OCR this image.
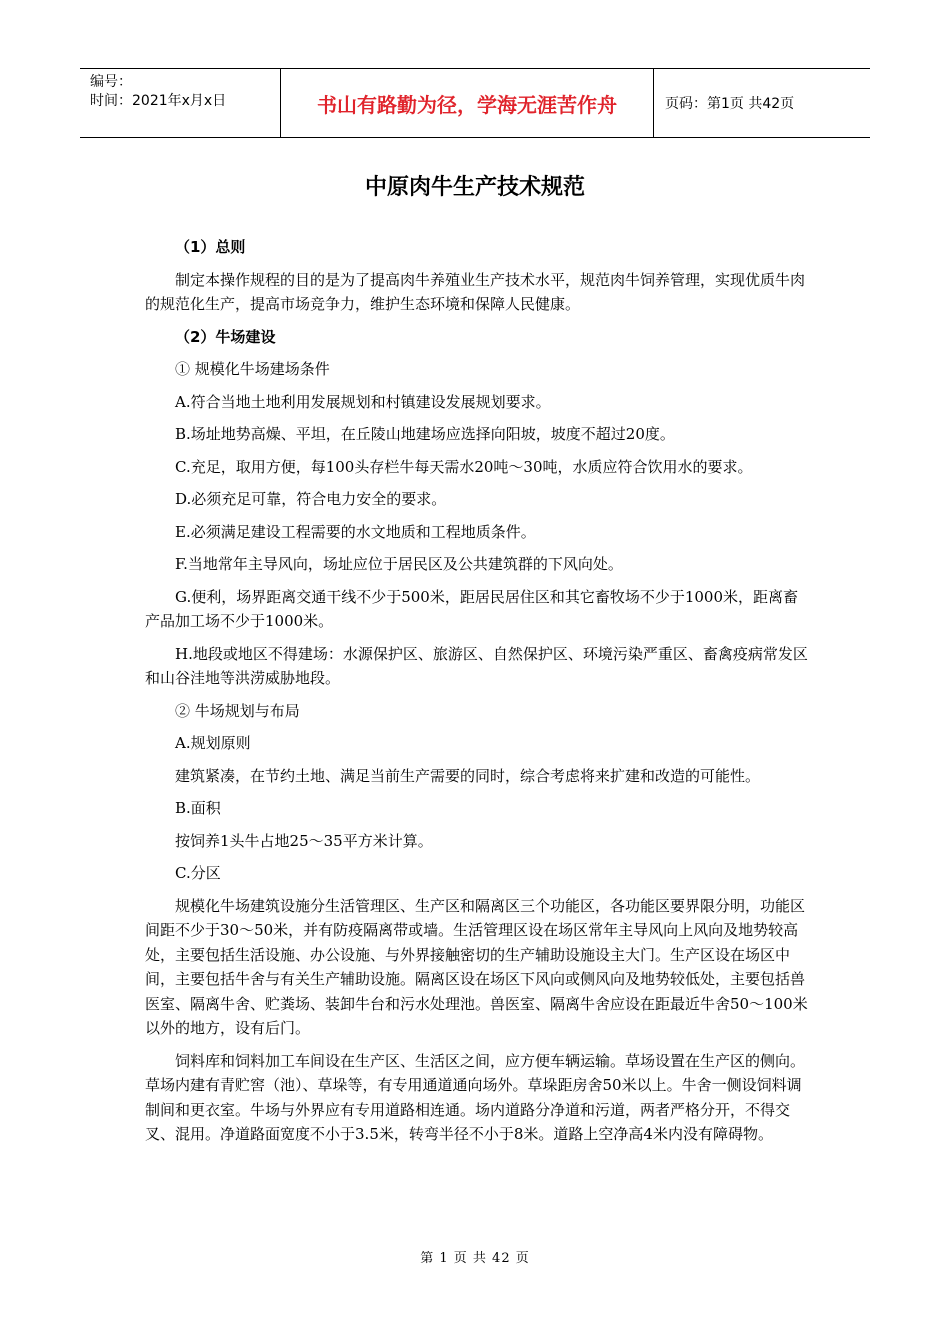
编号：
时间：2021年x月x日	书山有路勤为径，学海无涯苦作舟	页码：第1页 共42页
中原肉牛生产技术规范
（1）总则
制定本操作规程的目的是为了提高肉牛养殖业生产技术水平，规范肉牛饲养管理，实现优质牛肉的规范化生产，提高市场竞争力，维护生态环境和保障人民健康。
（2）牛场建设
① 规模化牛场建场条件
A.符合当地土地利用发展规划和村镇建设发展规划要求。
B.场址地势高燥、平坦，在丘陵山地建场应选择向阳坡，坡度不超过20度。
C.充足，取用方便，每100头存栏牛每天需水20吨～30吨，水质应符合饮用水的要求。
D.必须充足可靠，符合电力安全的要求。
E.必须满足建设工程需要的水文地质和工程地质条件。
F.当地常年主导风向，场址应位于居民区及公共建筑群的下风向处。
G.便利，场界距离交通干线不少于500米，距居民居住区和其它畜牧场不少于1000米，距离畜产品加工场不少于1000米。
H.地段或地区不得建场：水源保护区、旅游区、自然保护区、环境污染严重区、畜禽疫病常发区和山谷洼地等洪涝威胁地段。
② 牛场规划与布局
A.规划原则
建筑紧凑，在节约土地、满足当前生产需要的同时，综合考虑将来扩建和改造的可能性。
B.面积
按饲养1头牛占地25～35平方米计算。
C.分区
规模化牛场建筑设施分生活管理区、生产区和隔离区三个功能区，各功能区要界限分明，功能区间距不少于30～50米，并有防疫隔离带或墙。生活管理区设在场区常年主导风向上风向及地势较高处，主要包括生活设施、办公设施、与外界接触密切的生产辅助设施设主大门。生产区设在场区中间，主要包括牛舍与有关生产辅助设施。隔离区设在场区下风向或侧风向及地势较低处，主要包括兽医室、隔离牛舍、贮粪场、装卸牛台和污水处理池。兽医室、隔离牛舍应设在距最近牛舍50～100米以外的地方，设有后门。
饲料库和饲料加工车间设在生产区、生活区之间，应方便车辆运输。草场设置在生产区的侧向。草场内建有青贮窖（池）、草垛等，有专用通道通向场外。草垛距房舍50米以上。牛舍一侧设饲料调制间和更衣室。牛场与外界应有专用道路相连通。场内道路分净道和污道，两者严格分开，不得交叉、混用。净道路面宽度不小于3.5米，转弯半径不小于8米。道路上空净高4米内没有障碍物。
第 1 页 共 42 页
